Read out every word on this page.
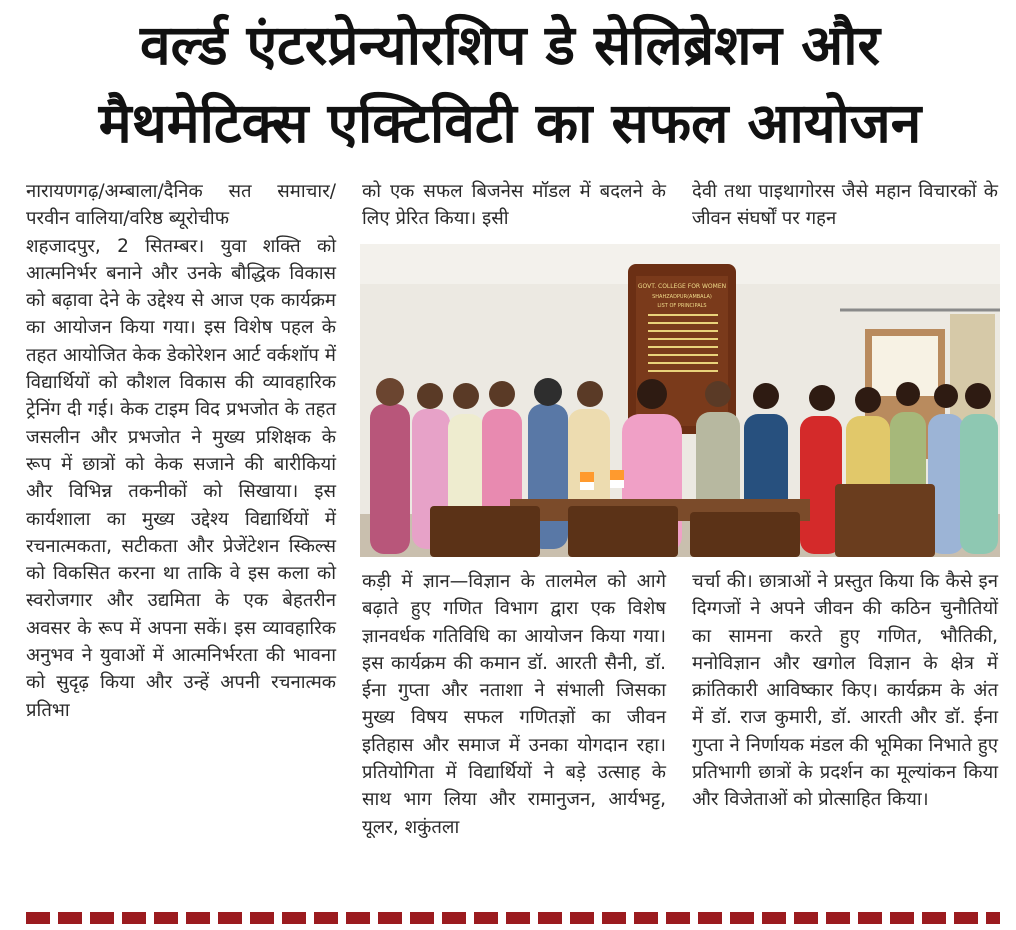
वर्ल्ड एंटरप्रेन्योरशिप डे सेलिब्रेशन और
मैथमेटिक्स एक्टिविटी का सफल आयोजन

नारायणगढ़/अम्बाला/दैनिक सत समाचार/परवीन वालिया/वरिष्ठ ब्यूरोचीफ

शहजादपुर, 2 सितम्बर। युवा शक्ति को आत्मनिर्भर बनाने और उनके बौद्धिक विकास को बढ़ावा देने के उद्देश्य से आज एक कार्यक्रम का आयोजन किया गया। इस विशेष पहल के तहत आयोजित केक डेकोरेशन आर्ट वर्कशॉप में विद्यार्थियों को कौशल विकास की व्यावहारिक ट्रेनिंग दी गई। केक टाइम विद प्रभजोत के तहत जसलीन और प्रभजोत ने मुख्य प्रशिक्षक के रूप में छात्रों को केक सजाने की बारीकियां और विभिन्न तकनीकों को सिखाया। इस कार्यशाला का मुख्य उद्देश्य विद्यार्थियों में रचनात्मकता, सटीकता और प्रेजेंटेशन स्किल्स को विकसित करना था ताकि वे इस कला को स्वरोजगार और उद्यमिता के एक बेहतरीन अवसर के रूप में अपना सकें। इस व्यावहारिक अनुभव ने युवाओं में आत्मनिर्भरता की भावना को सुदृढ़ किया और उन्हें अपनी रचनात्मक प्रतिभा

को एक सफल बिजनेस मॉडल में बदलने के लिए प्रेरित किया। इसी

देवी तथा पाइथागोरस जैसे महान विचारकों के जीवन संघर्षों पर गहन

GOVT. COLLEGE FOR WOMEN
SHAHZADPUR(AMBALA)
LIST OF PRINCIPALS

कड़ी में ज्ञान—विज्ञान के तालमेल को आगे बढ़ाते हुए गणित विभाग द्वारा एक विशेष ज्ञानवर्धक गतिविधि का आयोजन किया गया। इस कार्यक्रम की कमान डॉ. आरती सैनी, डॉ. ईना गुप्ता और नताशा ने संभाली जिसका मुख्य विषय सफल गणितज्ञों का जीवन इतिहास और समाज में उनका योगदान रहा। प्रतियोगिता में विद्यार्थियों ने बड़े उत्साह के साथ भाग लिया और रामानुजन, आर्यभट्ट, यूलर, शकुंतला

चर्चा की। छात्राओं ने प्रस्तुत किया कि कैसे इन दिग्गजों ने अपने जीवन की कठिन चुनौतियों का सामना करते हुए गणित, भौतिकी, मनोविज्ञान और खगोल विज्ञान के क्षेत्र में क्रांतिकारी आविष्कार किए। कार्यक्रम के अंत में डॉ. राज कुमारी, डॉ. आरती और डॉ. ईना गुप्ता ने निर्णायक मंडल की भूमिका निभाते हुए प्रतिभागी छात्रों के प्रदर्शन का मूल्यांकन किया और विजेताओं को प्रोत्साहित किया।
